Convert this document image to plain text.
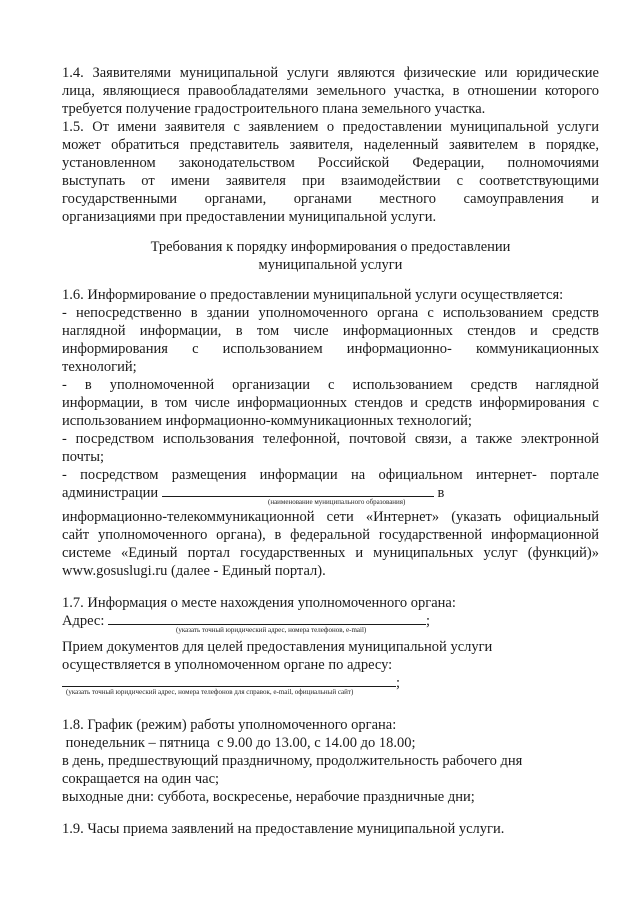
1.4. Заявителями муниципальной услуги являются физические или юридические
лица, являющиеся правообладателями земельного участка, в отношении которого
требуется получение градостроительного плана земельного участка.
1.5. От имени заявителя с заявлением о предоставлении муниципальной услуги
может обратиться представитель заявителя, наделенный заявителем в порядке,
установленном законодательством Российской Федерации, полномочиями
выступать от имени заявителя при взаимодействии с соответствующими
государственными органами, органами местного самоуправления и
организациями при предоставлении муниципальной услуги.
Требования к порядку информирования о предоставлении
муниципальной услуги
1.6. Информирование о предоставлении муниципальной услуги осуществляется:
- непосредственно в здании уполномоченного органа с использованием средств
наглядной информации, в том числе информационных стендов и средств
информирования с использованием информационно- коммуникационных
технологий;
- в уполномоченной организации с использованием средств наглядной
информации, в том числе информационных стендов и средств информирования с
использованием информационно-коммуникационных технологий;
- посредством использования телефонной, почтовой связи, а также электронной
почты;
- посредством размещения информации на официальном интернет- портале
администрации	в
(наименование муниципального образования)
информационно-телекоммуникационной сети «Интернет» (указать официальный
сайт уполномоченного органа), в федеральной государственной информационной
системе «Единый портал государственных и муниципальных услуг (функций)»
www.gosuslugi.ru (далее - Единый портал).
1.7. Информация о месте нахождения уполномоченного органа:
Адрес:	;
(указать точный юридический адрес, номера телефонов, e-mail)
Прием документов для целей предоставления муниципальной услуги
осуществляется в уполномоченном органе по адресу:
;
(указать точный юридический адрес, номера телефонов для справок, e-mail, официальный сайт)
1.8. График (режим) работы уполномоченного органа:
понедельник – пятница  с 9.00 до 13.00, с 14.00 до 18.00;
в день, предшествующий праздничному, продолжительность рабочего дня
сокращается на один час;
выходные дни: суббота, воскресенье, нерабочие праздничные дни;
1.9. Часы приема заявлений на предоставление муниципальной услуги.
